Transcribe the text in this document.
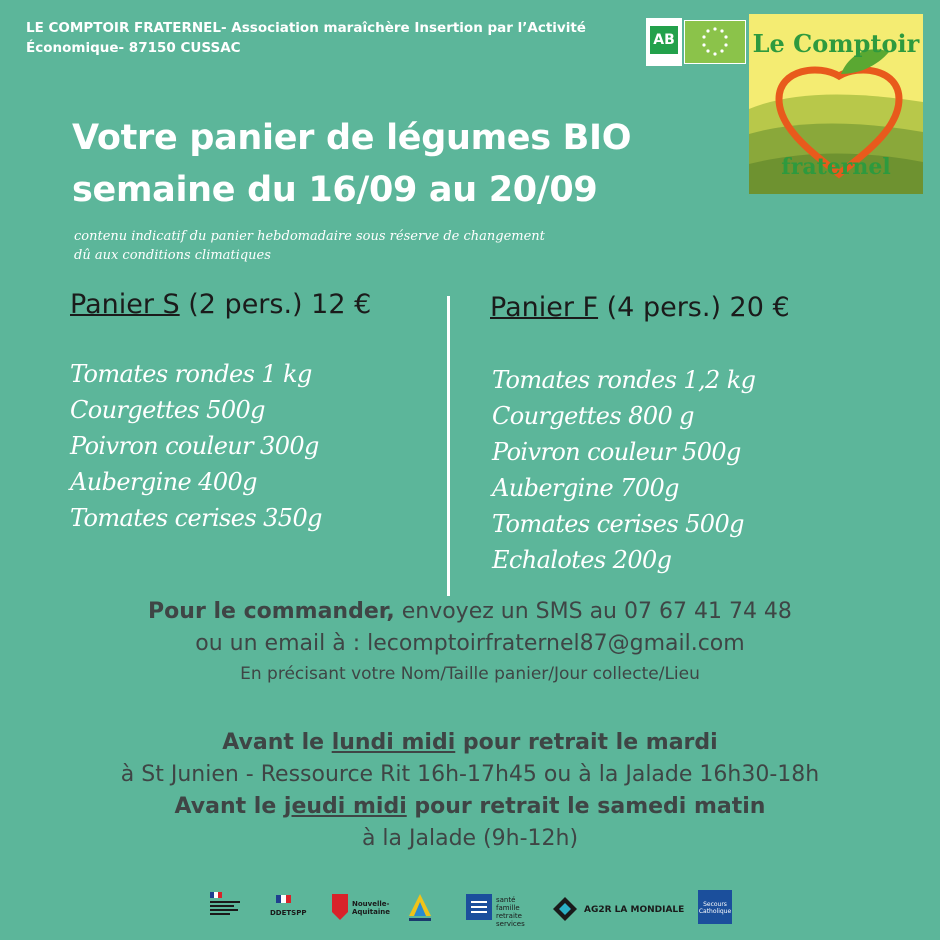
LE COMPTOIR FRATERNEL- Association maraîchère Insertion par l’Activité Économique- 87150 CUSSAC	AB	Le Comptoir
fraternel
Votre panier de légumes BIO
semaine du 16/09 au 20/09
contenu indicatif du panier hebdomadaire sous réserve de changement
dû aux conditions climatiques
Panier S (2 pers.) 12 €
Tomates rondes 1 kg
Courgettes 500g
Poivron couleur 300g
Aubergine 400g
Tomates cerises 350g
Panier F (4 pers.) 20 €
Tomates rondes 1,2 kg
Courgettes 800 g
Poivron couleur 500g
Aubergine 700g
Tomates cerises 500g
Echalotes 200g
Pour le commander, envoyez un SMS au 07 67 41 74 48
ou un email à : lecomptoirfraternel87@gmail.com
En précisant votre Nom/Taille panier/Jour collecte/Lieu
Avant le lundi midi pour retrait le mardi
à St Junien - Ressource Rit 16h-17h45 ou à la Jalade 16h30-18h
Avant le jeudi midi pour retrait le samedi matin
à la Jalade (9h-12h)
DDETSPP
Nouvelle-Aquitaine
santé famille retraite services
AG2R LA MONDIALE
Secours Catholique
